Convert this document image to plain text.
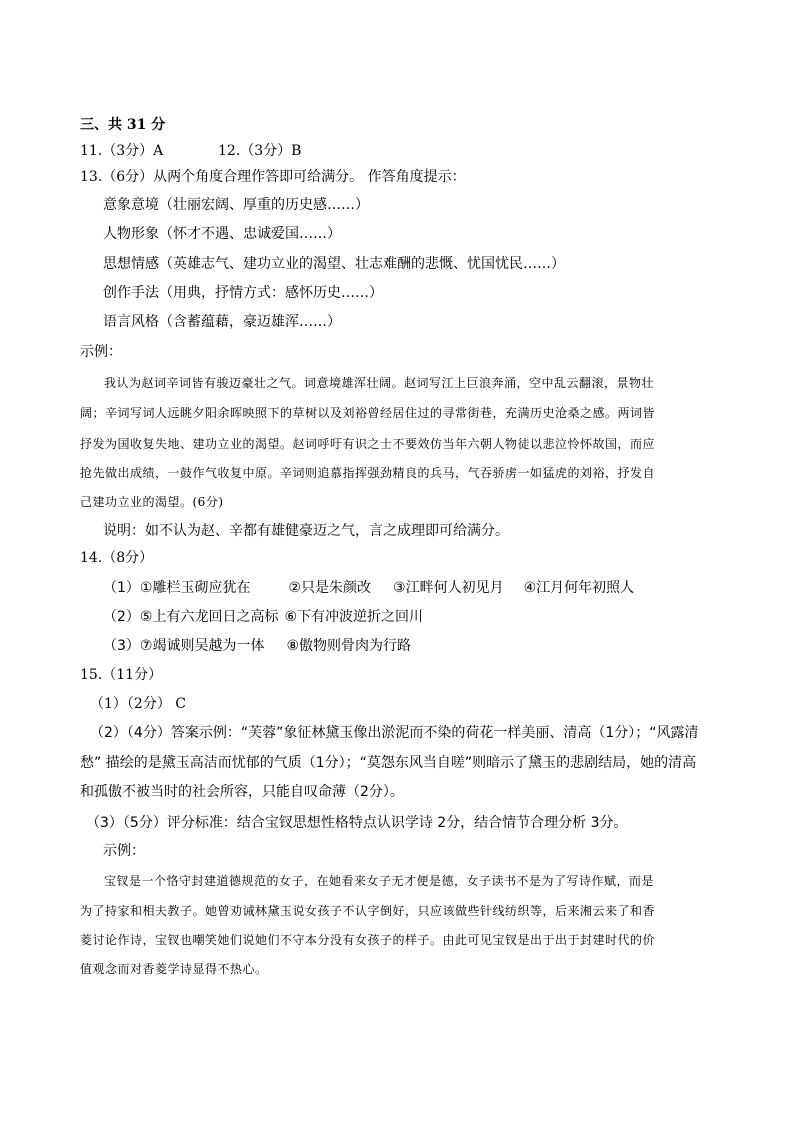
三、共 31 分
11.（3分）A	12.（3分）B
13.（6分）从两个角度合理作答即可给满分。 作答角度提示：
意象意境（壮丽宏阔、厚重的历史感……）
人物形象（怀才不遇、忠诚爱国……）
思想情感（英雄志气、建功立业的渴望、壮志难酬的悲慨、忧国忧民……）
创作手法（用典，抒情方式：感怀历史……）
语言风格（含蓄蕴藉，豪迈雄浑……）
示例：
我认为赵词辛词皆有骏迈豪壮之气。词意境雄浑壮阔。赵词写江上巨浪奔涌，空中乱云翻滚，景物壮
阔；辛词写词人远眺夕阳余晖映照下的草树以及刘裕曾经居住过的寻常街巷，充满历史沧桑之感。两词皆
抒发为国收复失地、建功立业的渴望。赵词呼吁有识之士不要效仿当年六朝人物徒以悲泣怜怀故国，而应
抢先做出成绩，一鼓作气收复中原。辛词则追慕指挥强劲精良的兵马，气吞骄虏一如猛虎的刘裕，抒发自
己建功立业的渴望。(6分)
说明：如不认为赵、辛都有雄健豪迈之气，言之成理即可给满分。
14.（8分）
（1）①雕栏玉砌应犹在	②只是朱颜改 ③江畔何人初见月 ④江月何年初照人
（2）⑤上有六龙回日之高标 ⑥下有冲波逆折之回川
（3）⑦竭诚则吴越为一体 ⑧傲物则骨肉为行路
15.（11分）
（1）（2分） C
（2）（4分）答案示例：“芙蓉”象征林黛玉像出淤泥而不染的荷花一样美丽、清高（1分）；“风露清
愁” 描绘的是黛玉高洁而忧郁的气质（1分）；“莫怨东风当自嗟”则暗示了黛玉的悲剧结局，她的清高
和孤傲不被当时的社会所容，只能自叹命薄（2分）。
（3）（5分）评分标准：结合宝钗思想性格特点认识学诗 2分，结合情节合理分析 3分。
示例：
宝钗是一个恪守封建道德规范的女子，在她看来女子无才便是德，女子读书不是为了写诗作赋，而是
为了持家和相夫教子。她曾劝诫林黛玉说女孩子不认字倒好，只应该做些针线纺织等，后来湘云来了和香
菱讨论作诗，宝钗也嘲笑她们说她们不守本分没有女孩子的样子。由此可见宝钗是出于出于封建时代的价
值观念而对香菱学诗显得不热心。
